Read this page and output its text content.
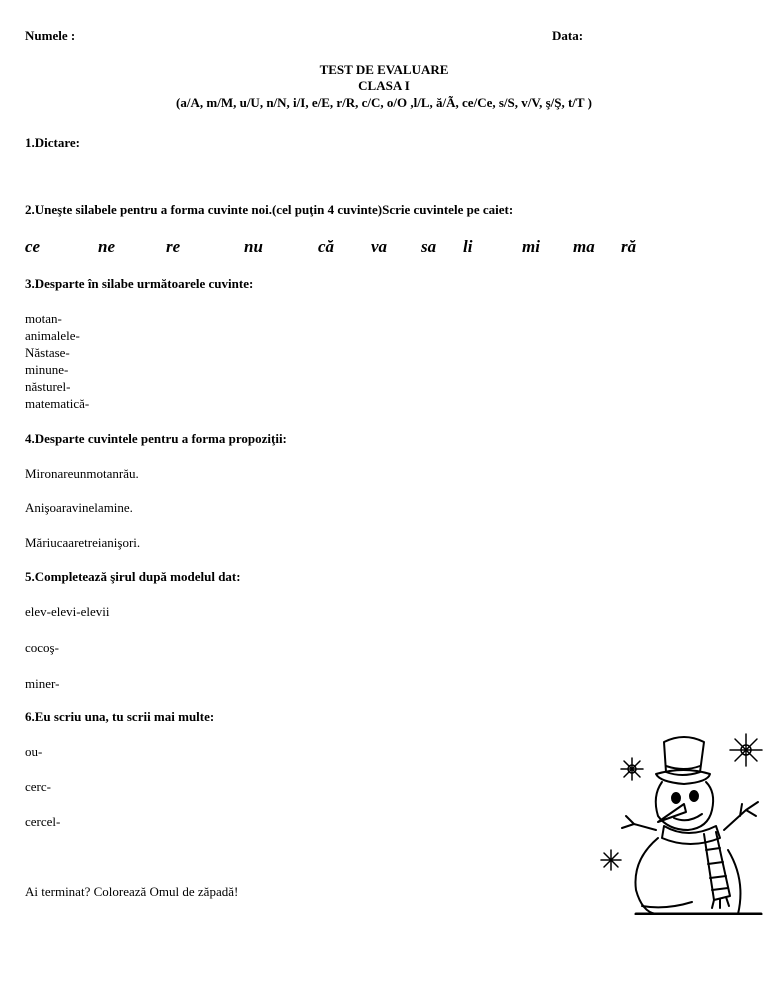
Numele :	Data:
TEST DE EVALUARE
CLASA I
(a/A, m/M, u/U, n/N, i/I, e/E, r/R, c/C, o/O ,l/L, ă/Ã, ce/Ce, s/S, v/V, ş/Ş, t/T )
1.Dictare:
2.Uneşte silabele pentru a forma cuvinte noi.(cel puţin 4 cuvinte)Scrie cuvintele pe caiet:
ce	ne	re	nu	că va sa li	mi ma ră
3.Desparte în silabe următoarele cuvinte:
motan-
animalele-
Năstase-
minune-
năsturel-
matematică-
4.Desparte cuvintele pentru a forma propoziţii:
Mironareunmotanrău.
Anişoaravinelamine.
Măriucaaretreianişori.
5.Completează şirul după modelul dat:
elev-elevi-elevii
cocoş-
miner-
6.Eu scriu una, tu scrii mai multe:
ou-
cerc-
cercel-
Ai terminat? Colorează Omul de zăpadă!
